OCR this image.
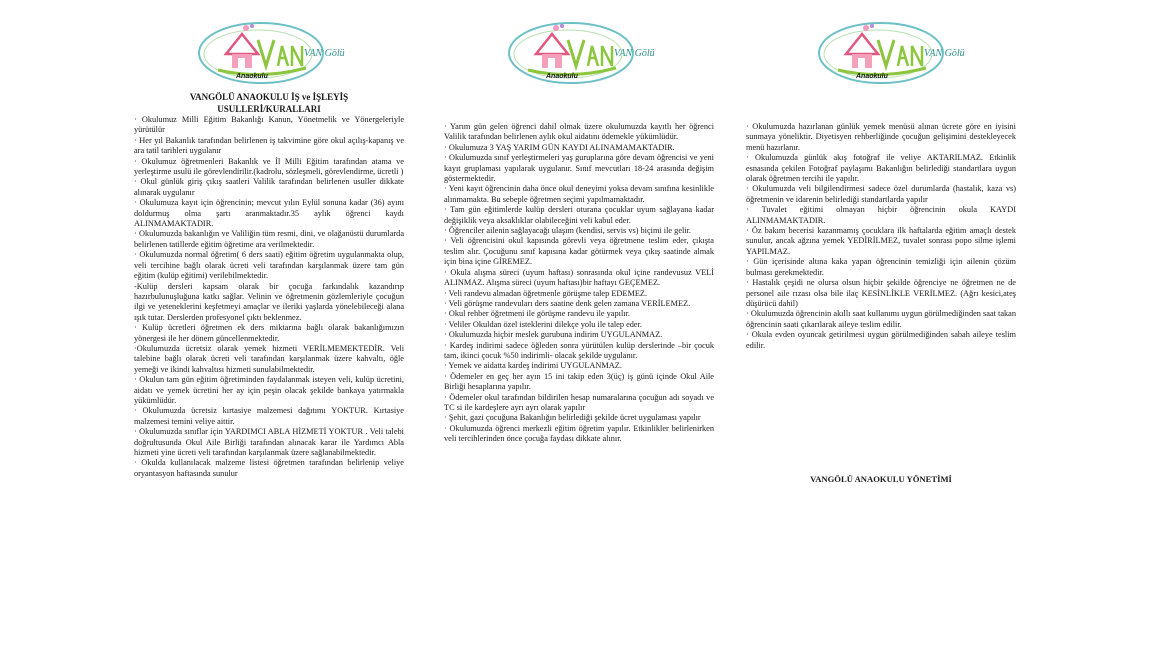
VAN Gölü
Anaokulu

VANGÖLÜ ANAOKULU İŞ ve İŞLEYİŞ

USULLERİ/KURALLARI

· Okulumuz Milli Eğitim Bakanlığı Kanun, Yönetmelik ve Yönergeleriyle yürütülür

· Her yıl Bakanlık tarafından belirlenen iş takvimine göre okul açılış-kapanış ve ara tatil tarihleri uygulanır

· Okulumuz öğretmenleri Bakanlık ve İl Milli Eğitim tarafından atama ve yerleştirme usulü ile görevlendirilir.(kadrolu, sözleşmeli, görevlendirme, ücretli )

· Okul günlük giriş çıkış saatleri Valilik tarafından belirlenen usuller dikkate alınarak uygulanır

· Okulumuza kayıt için öğrencinin; mevcut yılın Eylül sonuna kadar (36) ayını doldurmuş olma şartı aranmaktadır.35 aylık öğrenci kaydı ALINMAMAKTADIR.

· Okulumuzda bakanlığın ve Valiliğin tüm resmi, dini, ve olağanüstü durumlarda belirlenen tatillerde eğitim öğretime ara verilmektedir.

· Okulumuzda normal öğretim( 6 ders saati) eğitim öğretim uygulanmakta olup, veli tercihine bağlı olarak ücreti veli tarafından karşılanmak üzere tam gün eğitim (kulüp eğitimi) verilebilmektedir.

-Kulüp dersleri kapsam olarak bir çocuğa farkındalık kazandırıp hazırbulunuşluğuna katkı sağlar. Velinin ve öğretmenin gözlemleriyle çocuğun ilgi ve yeteneklerini keşfetmeyi amaçlar ve ileriki yaşlarda yönelebileceği alana ışık tutar. Derslerden profesyonel çıktı beklenmez.

· Kulüp ücretleri öğretmen ek ders miktarına bağlı olarak bakanlığımızın yönergesi ile her dönem güncellenmektedir.

·Okulumuzda ücretsiz olarak yemek hizmeti VERİLMEMEKTEDİR. Veli talebine bağlı olarak ücreti veli tarafından karşılanmak üzere kahvaltı, öğle yemeği ve ikindi kahvaltısı hizmeti sunulabilmektedir.

· Okulun tam gün eğitim öğretiminden faydalanmak isteyen veli, kulüp ücretini, aidatı ve yemek ücretini her ay için peşin olacak şekilde bankaya yatırmakla yükümlüdür.

· Okulumuzda ücretsiz kırtasiye malzemesi dağıtımı YOKTUR. Kırtasiye malzemesi temini veliye aittir.

· Okulumuzda sınıflar için YARDIMCI ABLA HİZMETİ YOKTUR . Veli talebi doğrultusunda Okul Aile Birliği tarafından alınacak karar ile Yardımcı Abla hizmeti yine ücreti veli tarafından karşılanmak üzere sağlanabilmektedir.

· Okulda kullanılacak malzeme listesi öğretmen tarafından belirlenip veliye oryantasyon haftasında sunulur

VAN Gölü
Anaokulu

· Yarım gün gelen öğrenci dahil olmak üzere okulumuzda kayıtlı her öğrenci Valilik tarafından belirlenen aylık okul aidatını ödemekle yükümlüdür.

· Okulumuza 3 YAŞ YARIM GÜN KAYDI ALINAMAMAKTADIR.

· Okulumuzda sınıf yerleştirmeleri yaş guruplarına göre devam öğrencisi ve yeni kayıt gruplaması yapılarak uygulanır. Sınıf mevcutları 18-24 arasında değişim göstermektedir.

· Yeni kayıt öğrencinin daha önce okul deneyimi yoksa devam sınıfına kesinlikle alınmamakta. Bu sebeple öğretmen seçimi yapılmamaktadır.

· Tam gün eğitimlerde kulüp dersleri oturana çocuklar uyum sağlayana kadar değişiklik veya aksaklıklar olabileceğini veli kabul eder.

· Öğrenciler ailenin sağlayacağı ulaşım (kendisi, servis vs) biçimi ile gelir.

· Veli öğrencisini okul kapısında görevli veya öğretmene teslim eder, çıkışta teslim alır. Çocuğunu sınıf kapısına kadar götürmek veya çıkış saatinde almak için bina içine GİREMEZ.

· Okula alışma süreci (uyum haftası) sonrasında okul içine randevusuz VELİ ALINMAZ. Alışma süreci (uyum haftası)bir haftayı GEÇEMEZ.

· Veli randevu almadan öğretmenle görüşme talep EDEMEZ.

· Veli görüşme randevuları ders saatine denk gelen zamana VERİLEMEZ.

· Okul rehber öğretmeni ile görüşme randevu ile yapılır.

· Veliler Okuldan özel isteklerini dilekçe yolu ile talep eder.

· Okulumuzda hiçbir meslek gurubuna indirim UYGULANMAZ.

· Kardeş indirimi sadece öğleden sonra yürütülen kulüp derslerinde –bir çocuk tam, ikinci çocuk %50 indirimli- olacak şekilde uygulanır.

· Yemek ve aidatta kardeş indirimi UYGULANMAZ.

· Ödemeler en geç her ayın 15 ini takip eden 3(üç) iş günü içinde Okul Aile Birliği hesaplarına yapılır.

· Ödemeler okul tarafından bildirilen hesap numaralarına çocuğun adı soyadı ve TC si ile kardeşlere ayrı ayrı olarak yapılır

· Şehit, gazi çocuğuna Bakanlığın belirlediği şekilde ücret uygulaması yapılır

· Okulumuzda öğrenci merkezli eğitim öğretim yapılır. Etkinlikler belirlenirken veli tercihlerinden önce çocuğa faydası dikkate alınır.

VAN Gölü
Anaokulu

· Okulumuzda hazırlanan günlük yemek menüsü alınan ücrete göre en iyisini sunmaya yöneliktir. Diyetisyen rehberliğinde çocuğun gelişimini destekleyecek menü hazırlanır.

· Okulumuzda günlük akış fotoğraf ile veliye AKTARILMAZ. Etkinlik esnasında çekilen Fotoğraf paylaşımı Bakanlığın belirlediği standartlara uygun olarak öğretmen tercihi ile yapılır.

· Okulumuzda veli bilgilendirmesi sadece özel durumlarda (hastalık, kaza vs) öğretmenin ve idarenin belirlediği standartlarda yapılır

· Tuvalet eğitimi olmayan hiçbir öğrencinin okula KAYDI ALINMAMAKTADIR.

· Öz bakım becerisi kazanmamış çocuklara ilk haftalarda eğitim amaçlı destek sunulur, ancak ağzına yemek YEDİRİLMEZ, tuvalet sonrası popo silme işlemi YAPILMAZ.

· Gün içerisinde altına kaka yapan öğrencinin temizliği için ailenin çözüm bulması gerekmektedir.

· Hastalık çeşidi ne olursa olsun hiçbir şekilde öğrenciye ne öğretmen ne de personel aile rızası olsa bile ilaç KESİNLİKLE VERİLMEZ. (Ağrı kesici,ateş düşürücü dahil)

· Okulumuzda öğrencinin akıllı saat kullanımı uygun görülmediğinden saat takan öğrencinin saati çıkarılarak aileye teslim edilir.

· Okula evden oyuncak getirilmesi uygun görülmediğinden sabah aileye teslim edilir.

VANGÖLÜ ANAOKULU YÖNETİMİ
